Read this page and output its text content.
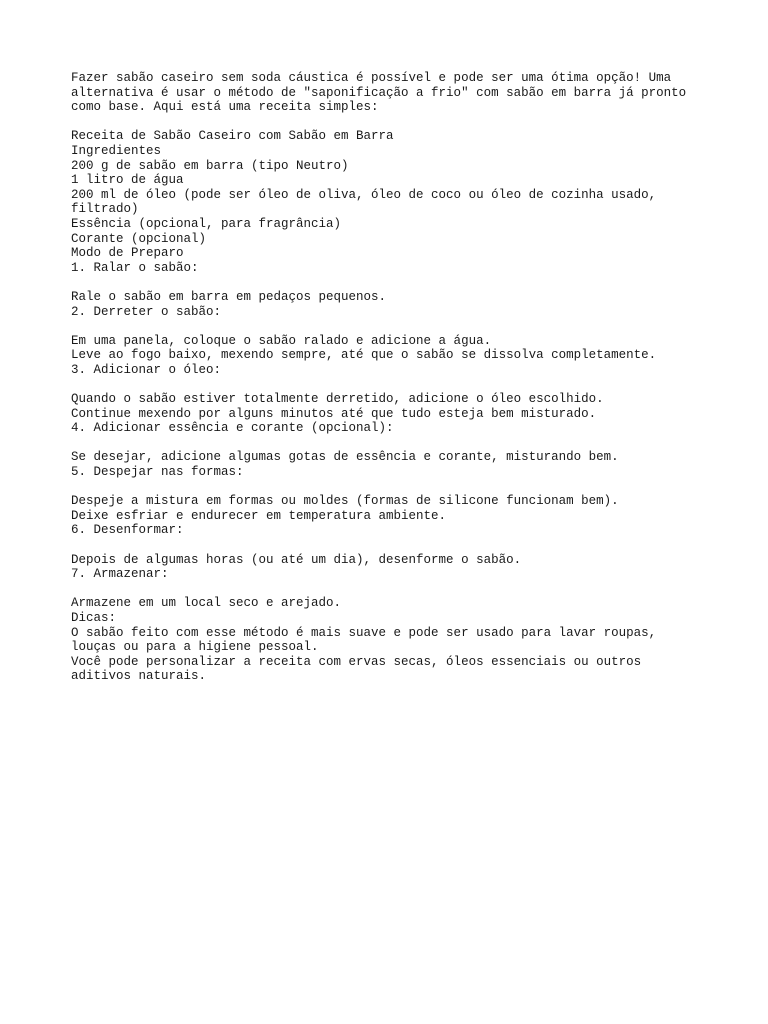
Fazer sabão caseiro sem soda cáustica é possível e pode ser uma ótima opção! Uma
alternativa é usar o método de "saponificação a frio" com sabão em barra já pronto
como base. Aqui está uma receita simples:
Receita de Sabão Caseiro com Sabão em Barra
Ingredientes
200 g de sabão em barra (tipo Neutro)
1 litro de água
200 ml de óleo (pode ser óleo de oliva, óleo de coco ou óleo de cozinha usado,
filtrado)
Essência (opcional, para fragrância)
Corante (opcional)
Modo de Preparo
1. Ralar o sabão:
Rale o sabão em barra em pedaços pequenos.
2. Derreter o sabão:
Em uma panela, coloque o sabão ralado e adicione a água.
Leve ao fogo baixo, mexendo sempre, até que o sabão se dissolva completamente.
3. Adicionar o óleo:
Quando o sabão estiver totalmente derretido, adicione o óleo escolhido.
Continue mexendo por alguns minutos até que tudo esteja bem misturado.
4. Adicionar essência e corante (opcional):
Se desejar, adicione algumas gotas de essência e corante, misturando bem.
5. Despejar nas formas:
Despeje a mistura em formas ou moldes (formas de silicone funcionam bem).
Deixe esfriar e endurecer em temperatura ambiente.
6. Desenformar:
Depois de algumas horas (ou até um dia), desenforme o sabão.
7. Armazenar:
Armazene em um local seco e arejado.
Dicas:
O sabão feito com esse método é mais suave e pode ser usado para lavar roupas,
louças ou para a higiene pessoal.
Você pode personalizar a receita com ervas secas, óleos essenciais ou outros
aditivos naturais.
